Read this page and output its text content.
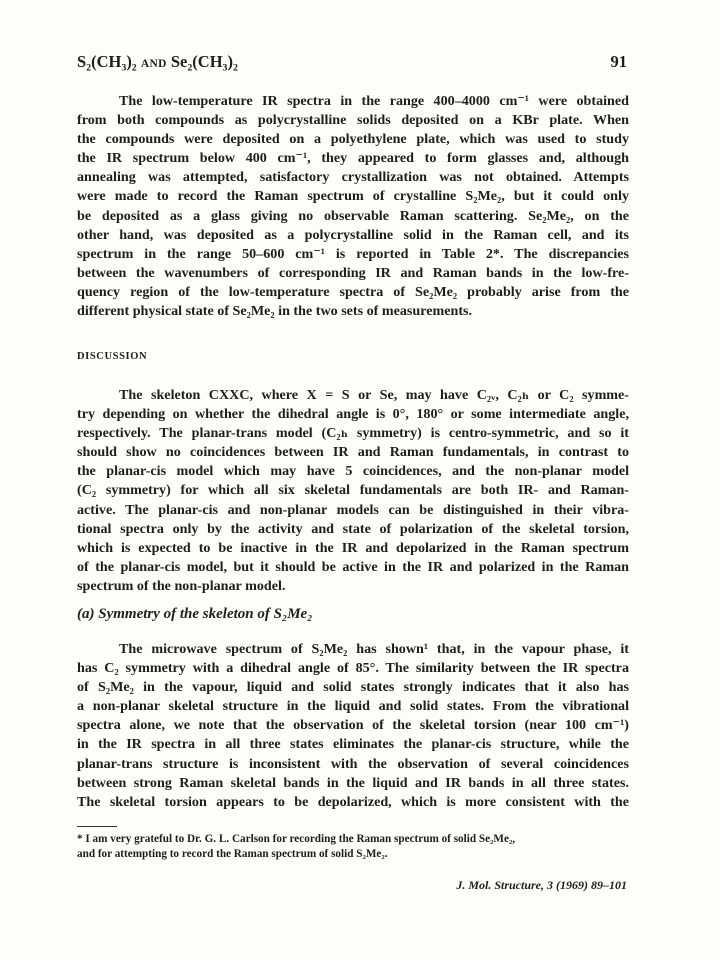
S₂(CH₃)₂ AND Se₂(CH₃)₂	91
The low-temperature IR spectra in the range 400–4000 cm⁻¹ were obtained
from both compounds as polycrystalline solids deposited on a KBr plate. When
the compounds were deposited on a polyethylene plate, which was used to study
the IR spectrum below 400 cm⁻¹, they appeared to form glasses and, although
annealing was attempted, satisfactory crystallization was not obtained. Attempts
were made to record the Raman spectrum of crystalline S₂Me₂, but it could only
be deposited as a glass giving no observable Raman scattering. Se₂Me₂, on the
other hand, was deposited as a polycrystalline solid in the Raman cell, and its
spectrum in the range 50–600 cm⁻¹ is reported in Table 2*. The discrepancies
between the wavenumbers of corresponding IR and Raman bands in the low-fre-
quency region of the low-temperature spectra of Se₂Me₂ probably arise from the
different physical state of Se₂Me₂ in the two sets of measurements.
DISCUSSION
The skeleton CXXC, where X = S or Se, may have C₂ᵥ, C₂ₕ or C₂ symme-
try depending on whether the dihedral angle is 0°, 180° or some intermediate angle,
respectively. The planar-trans model (C₂ₕ symmetry) is centro-symmetric, and so it
should show no coincidences between IR and Raman fundamentals, in contrast to
the planar-cis model which may have 5 coincidences, and the non-planar model
(C₂ symmetry) for which all six skeletal fundamentals are both IR- and Raman-
active. The planar-cis and non-planar models can be distinguished in their vibra-
tional spectra only by the activity and state of polarization of the skeletal torsion,
which is expected to be inactive in the IR and depolarized in the Raman spectrum
of the planar-cis model, but it should be active in the IR and polarized in the Raman
spectrum of the non-planar model.
(a) Symmetry of the skeleton of S₂Me₂
The microwave spectrum of S₂Me₂ has shown¹ that, in the vapour phase, it
has C₂ symmetry with a dihedral angle of 85°. The similarity between the IR spectra
of S₂Me₂ in the vapour, liquid and solid states strongly indicates that it also has
a non-planar skeletal structure in the liquid and solid states. From the vibrational
spectra alone, we note that the observation of the skeletal torsion (near 100 cm⁻¹)
in the IR spectra in all three states eliminates the planar-cis structure, while the
planar-trans structure is inconsistent with the observation of several coincidences
between strong Raman skeletal bands in the liquid and IR bands in all three states.
The skeletal torsion appears to be depolarized, which is more consistent with the
* I am very grateful to Dr. G. L. Carlson for recording the Raman spectrum of solid Se₂Me₂,
and for attempting to record the Raman spectrum of solid S₂Me₂.
J. Mol. Structure, 3 (1969) 89–101
